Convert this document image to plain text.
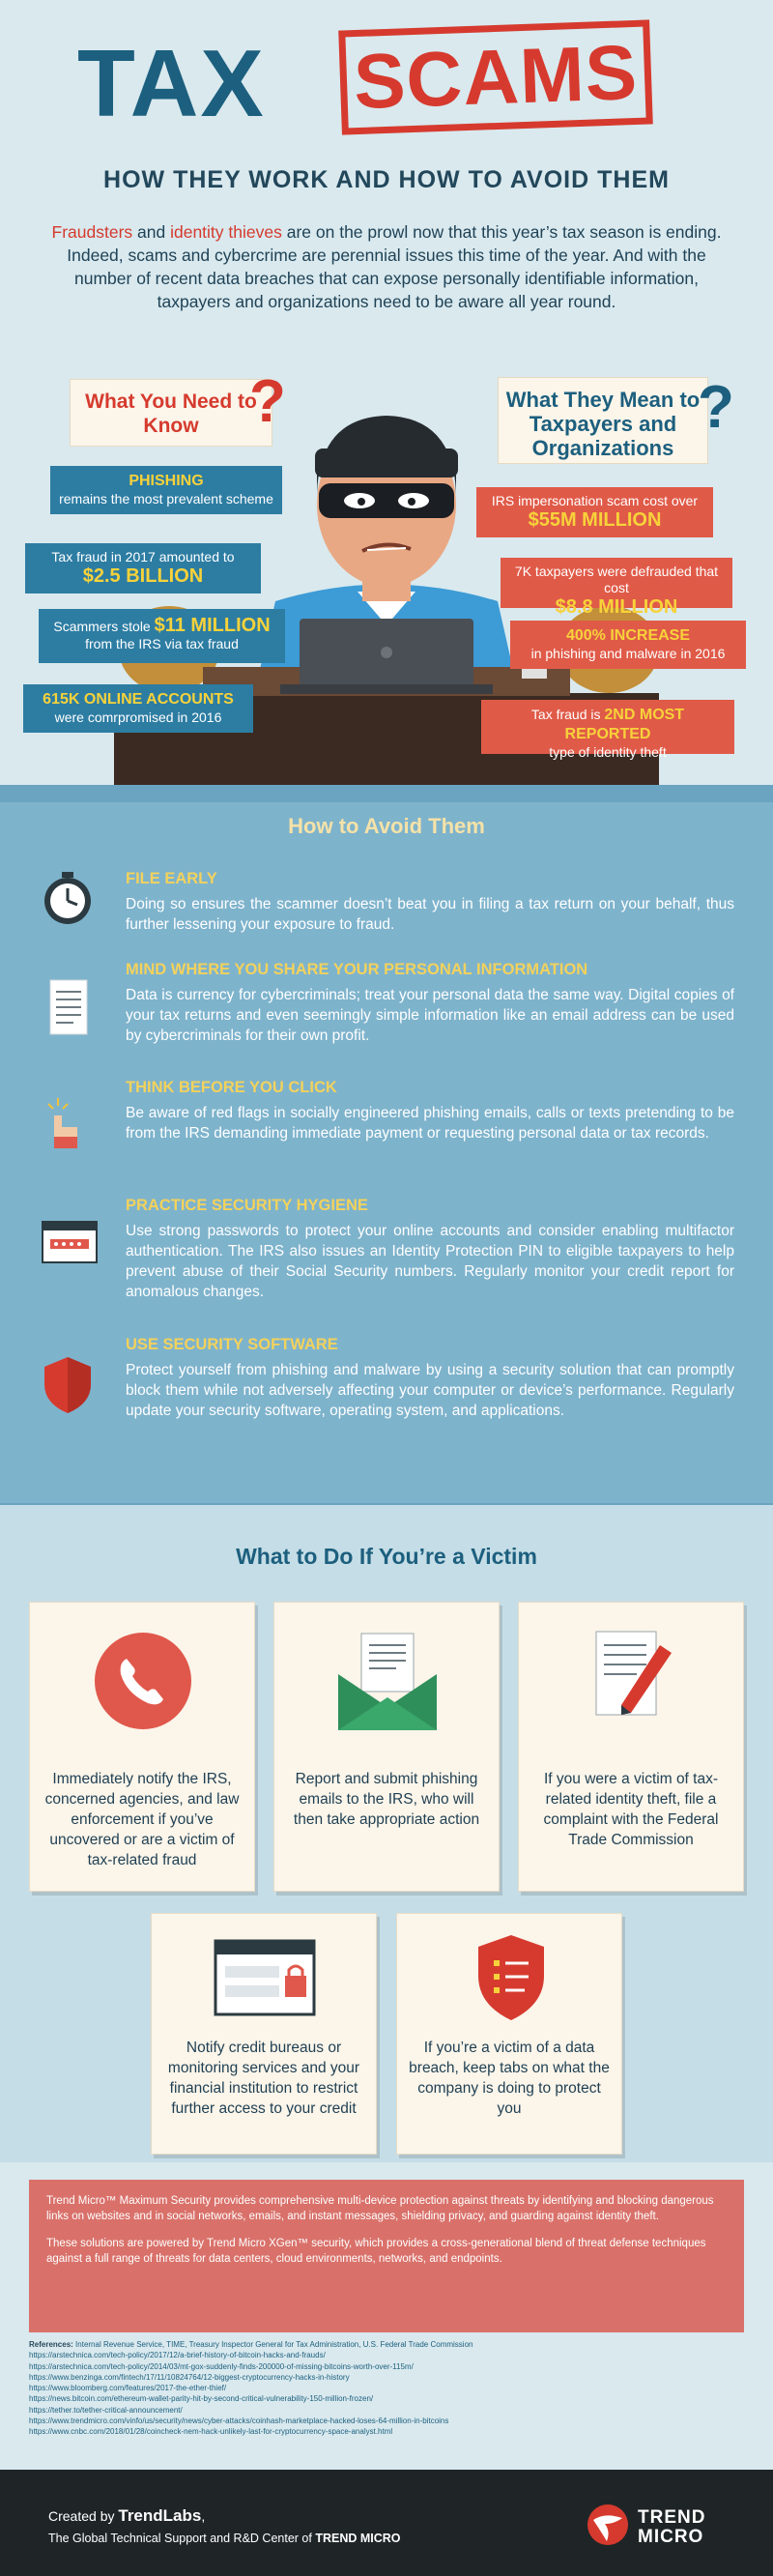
TAX SCAMS
HOW THEY WORK AND HOW TO AVOID THEM
Fraudsters and identity thieves are on the prowl now that this year’s tax season is ending. Indeed, scams and cybercrime are perennial issues this time of the year. And with the number of recent data breaches that can expose personally identifiable information, taxpayers and organizations need to be aware all year round.
What You Need to Know ?	What They Mean to Taxpayers and Organizations
?
PHISHING
remains the most prevalent scheme
Tax fraud in 2017 amounted to
$2.5 BILLION
Scammers stole $11 MILLION
from the IRS via tax fraud
615K ONLINE ACCOUNTS
were comrpromised in 2016
IRS impersonation scam cost over
$55M MILLION
7K taxpayers were defrauded that cost
$8.8 MILLION
400% INCREASE
in phishing and malware in 2016
Tax fraud is 2ND MOST REPORTED
type of identity theft
How to Avoid Them
FILE EARLY
Doing so ensures the scammer doesn’t beat you in filing a tax return on your behalf, thus further lessening your exposure to fraud.
MIND WHERE YOU SHARE YOUR PERSONAL INFORMATION
Data is currency for cybercriminals; treat your personal data the same way. Digital copies of your tax returns and even seemingly simple information like an email address can be used by cybercriminals for their own profit.
THINK BEFORE YOU CLICK
Be aware of red flags in socially engineered phishing emails, calls or texts pretending to be from the IRS demanding immediate payment or requesting personal data or tax records.
PRACTICE SECURITY HYGIENE
Use strong passwords to protect your online accounts and consider enabling multifactor authentication. The IRS also issues an Identity Protection PIN to eligible taxpayers to help prevent abuse of their Social Security numbers. Regularly monitor your credit report for anomalous changes.
USE SECURITY SOFTWARE
Protect yourself from phishing and malware by using a security solution that can promptly block them while not adversely affecting your computer or device’s performance. Regularly update your security software, operating system, and applications.
What to Do If You’re a Victim
Immediately notify the IRS, concerned agencies, and law enforcement if you’ve uncovered or are a victim of tax-related fraud
Report and submit phishing emails to the IRS, who will then take appropriate action
If you were a victim of tax-related identity theft, file a complaint with the Federal Trade Commission
Notify credit bureaus or monitoring services and your financial institution to restrict further access to your credit
If you’re a victim of a data breach, keep tabs on what the company is doing to protect you

Trend Micro™ Maximum Security provides comprehensive multi-device protection against threats by identifying and blocking dangerous links on websites and in social networks, emails, and instant messages, shielding privacy, and guarding against identity theft.

These solutions are powered by Trend Micro XGen™ security, which provides a cross-generational blend of threat defense techniques against a full range of threats for data centers, cloud environments, networks, and endpoints.

References: Internal Revenue Service, TIME, Treasury Inspector General for Tax Administration, U.S. Federal Trade Commission
https://arstechnica.com/tech-policy/2017/12/a-brief-history-of-bitcoin-hacks-and-frauds/
https://arstechnica.com/tech-policy/2014/03/mt-gox-suddenly-finds-200000-of-missing-bitcoins-worth-over-115m/
https://www.benzinga.com/fintech/17/11/10824764/12-biggest-cryptocurrency-hacks-in-history
https://www.bloomberg.com/features/2017-the-ether-thief/
https://news.bitcoin.com/ethereum-wallet-parity-hit-by-second-critical-vulnerability-150-million-frozen/
https://tether.to/tether-critical-announcement/
https://www.trendmicro.com/vinfo/us/security/news/cyber-attacks/coinhash-marketplace-hacked-loses-64-million-in-bitcoins
https://www.cnbc.com/2018/01/28/coincheck-nem-hack-unlikely-last-for-cryptocurrency-space-analyst.html
Created by TrendLabs,
The Global Technical Support and R&D Center of TREND MICRO
TREND
MICRO
